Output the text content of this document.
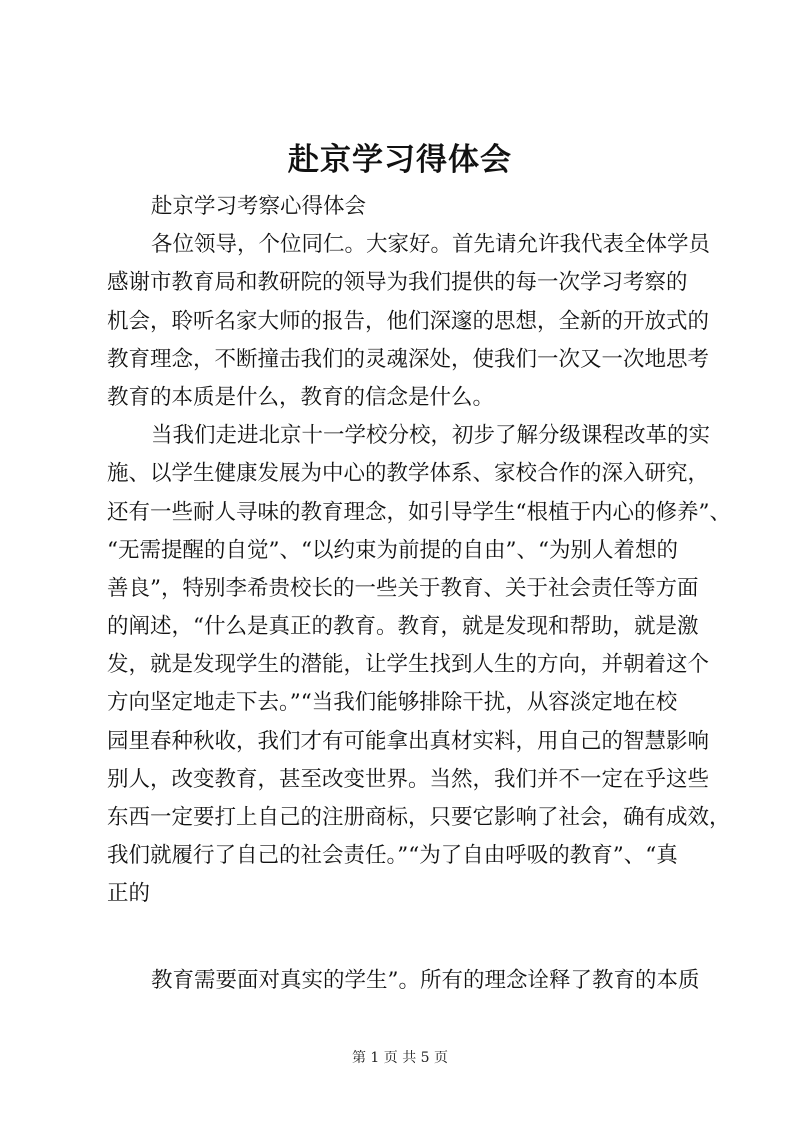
赴京学习得体会
赴京学习考察心得体会
各位领导，个位同仁。大家好。首先请允许我代表全体学员
感谢市教育局和教研院的领导为我们提供的每一次学习考察的
机会，聆听名家大师的报告，他们深邃的思想，全新的开放式的
教育理念，不断撞击我们的灵魂深处，使我们一次又一次地思考
教育的本质是什么，教育的信念是什么。
当我们走进北京十一学校分校，初步了解分级课程改革的实
施、以学生健康发展为中心的教学体系、家校合作的深入研究，
还有一些耐人寻味的教育理念，如引导学生“根植于内心的修养”、
“无需提醒的自觉”、“以约束为前提的自由”、“为别人着想的
善良”，特别李希贵校长的一些关于教育、关于社会责任等方面
的阐述，“什么是真正的教育。教育，就是发现和帮助，就是激
发，就是发现学生的潜能，让学生找到人生的方向，并朝着这个
方向坚定地走下去。”“当我们能够排除干扰，从容淡定地在校
园里春种秋收，我们才有可能拿出真材实料，用自己的智慧影响
别人，改变教育，甚至改变世界。当然，我们并不一定在乎这些
东西一定要打上自己的注册商标，只要它影响了社会，确有成效，
我们就履行了自己的社会责任。”“为了自由呼吸的教育”、“真
正的
教育需要面对真实的学生”。所有的理念诠释了教育的本质
第 1 页 共 5 页
